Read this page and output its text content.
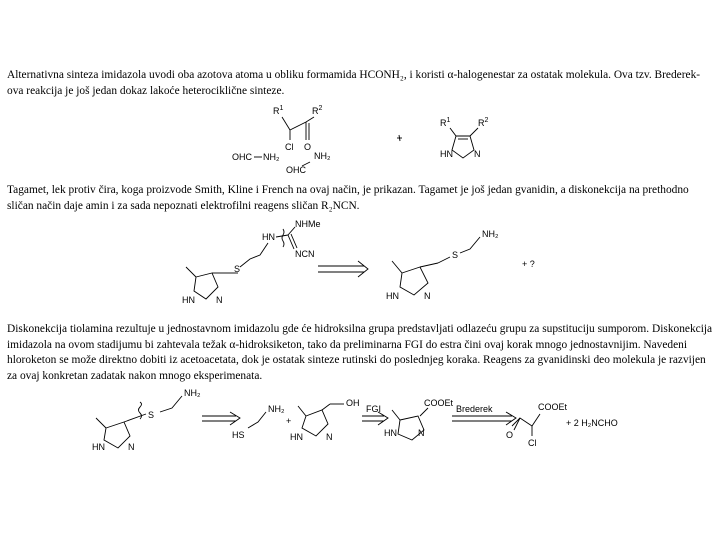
Alternativna sinteza imidazola uvodi oba azotova atoma u obliku formamida HCONH₂, i koristi α-halogenestar za ostatak molekula. Ova tzv. Brederek-ova reakcija je još jedan dokaz lakoće heterociklične sinteze.
Tagamet, lek protiv čira, koga proizvode Smith, Kline i French na ovaj način, je prikazan. Tagamet je još jedan gvanidin, a diskonekcija na prethodno sličan način daje amin i za sada nepoznati elektrofilni reagens sličan R₂NCN.
Diskonekcija tiolamina rezultuje u jednostavnom imidazolu gde će hidroksilna grupa predstavljati odlazeću grupu za supstituciju sumporom. Diskonekcija imidazola na ovom stadijumu bi zahtevala težak α-hidroksiketon, tako da preliminarna FGI do estra čini ovaj korak mnogo jednostavnijim. Navedeni hloroketon se može direktno dobiti iz acetoacetata, dok je ostatak sinteze rutinski do poslednjeg koraka. Reagens za gvanidinski deo molekula je razvijen za ovaj konkretan zadatak nakon mnogo eksperimenata.
$R^1$	$R^2$
Cl O
OHC NH₂	NH₂
OHC
$R^1$	$R^2$
HN N
NHMe
HN
NCN
S
HN N
NH₂
S
HN	N
+ ?
NH₂
S
HN	N
NH₂
HS
+
OH
HN	N
FGI
COOEt
HN N
Brederek	COOEt
O
Cl
+ 2 H₂NCHO
